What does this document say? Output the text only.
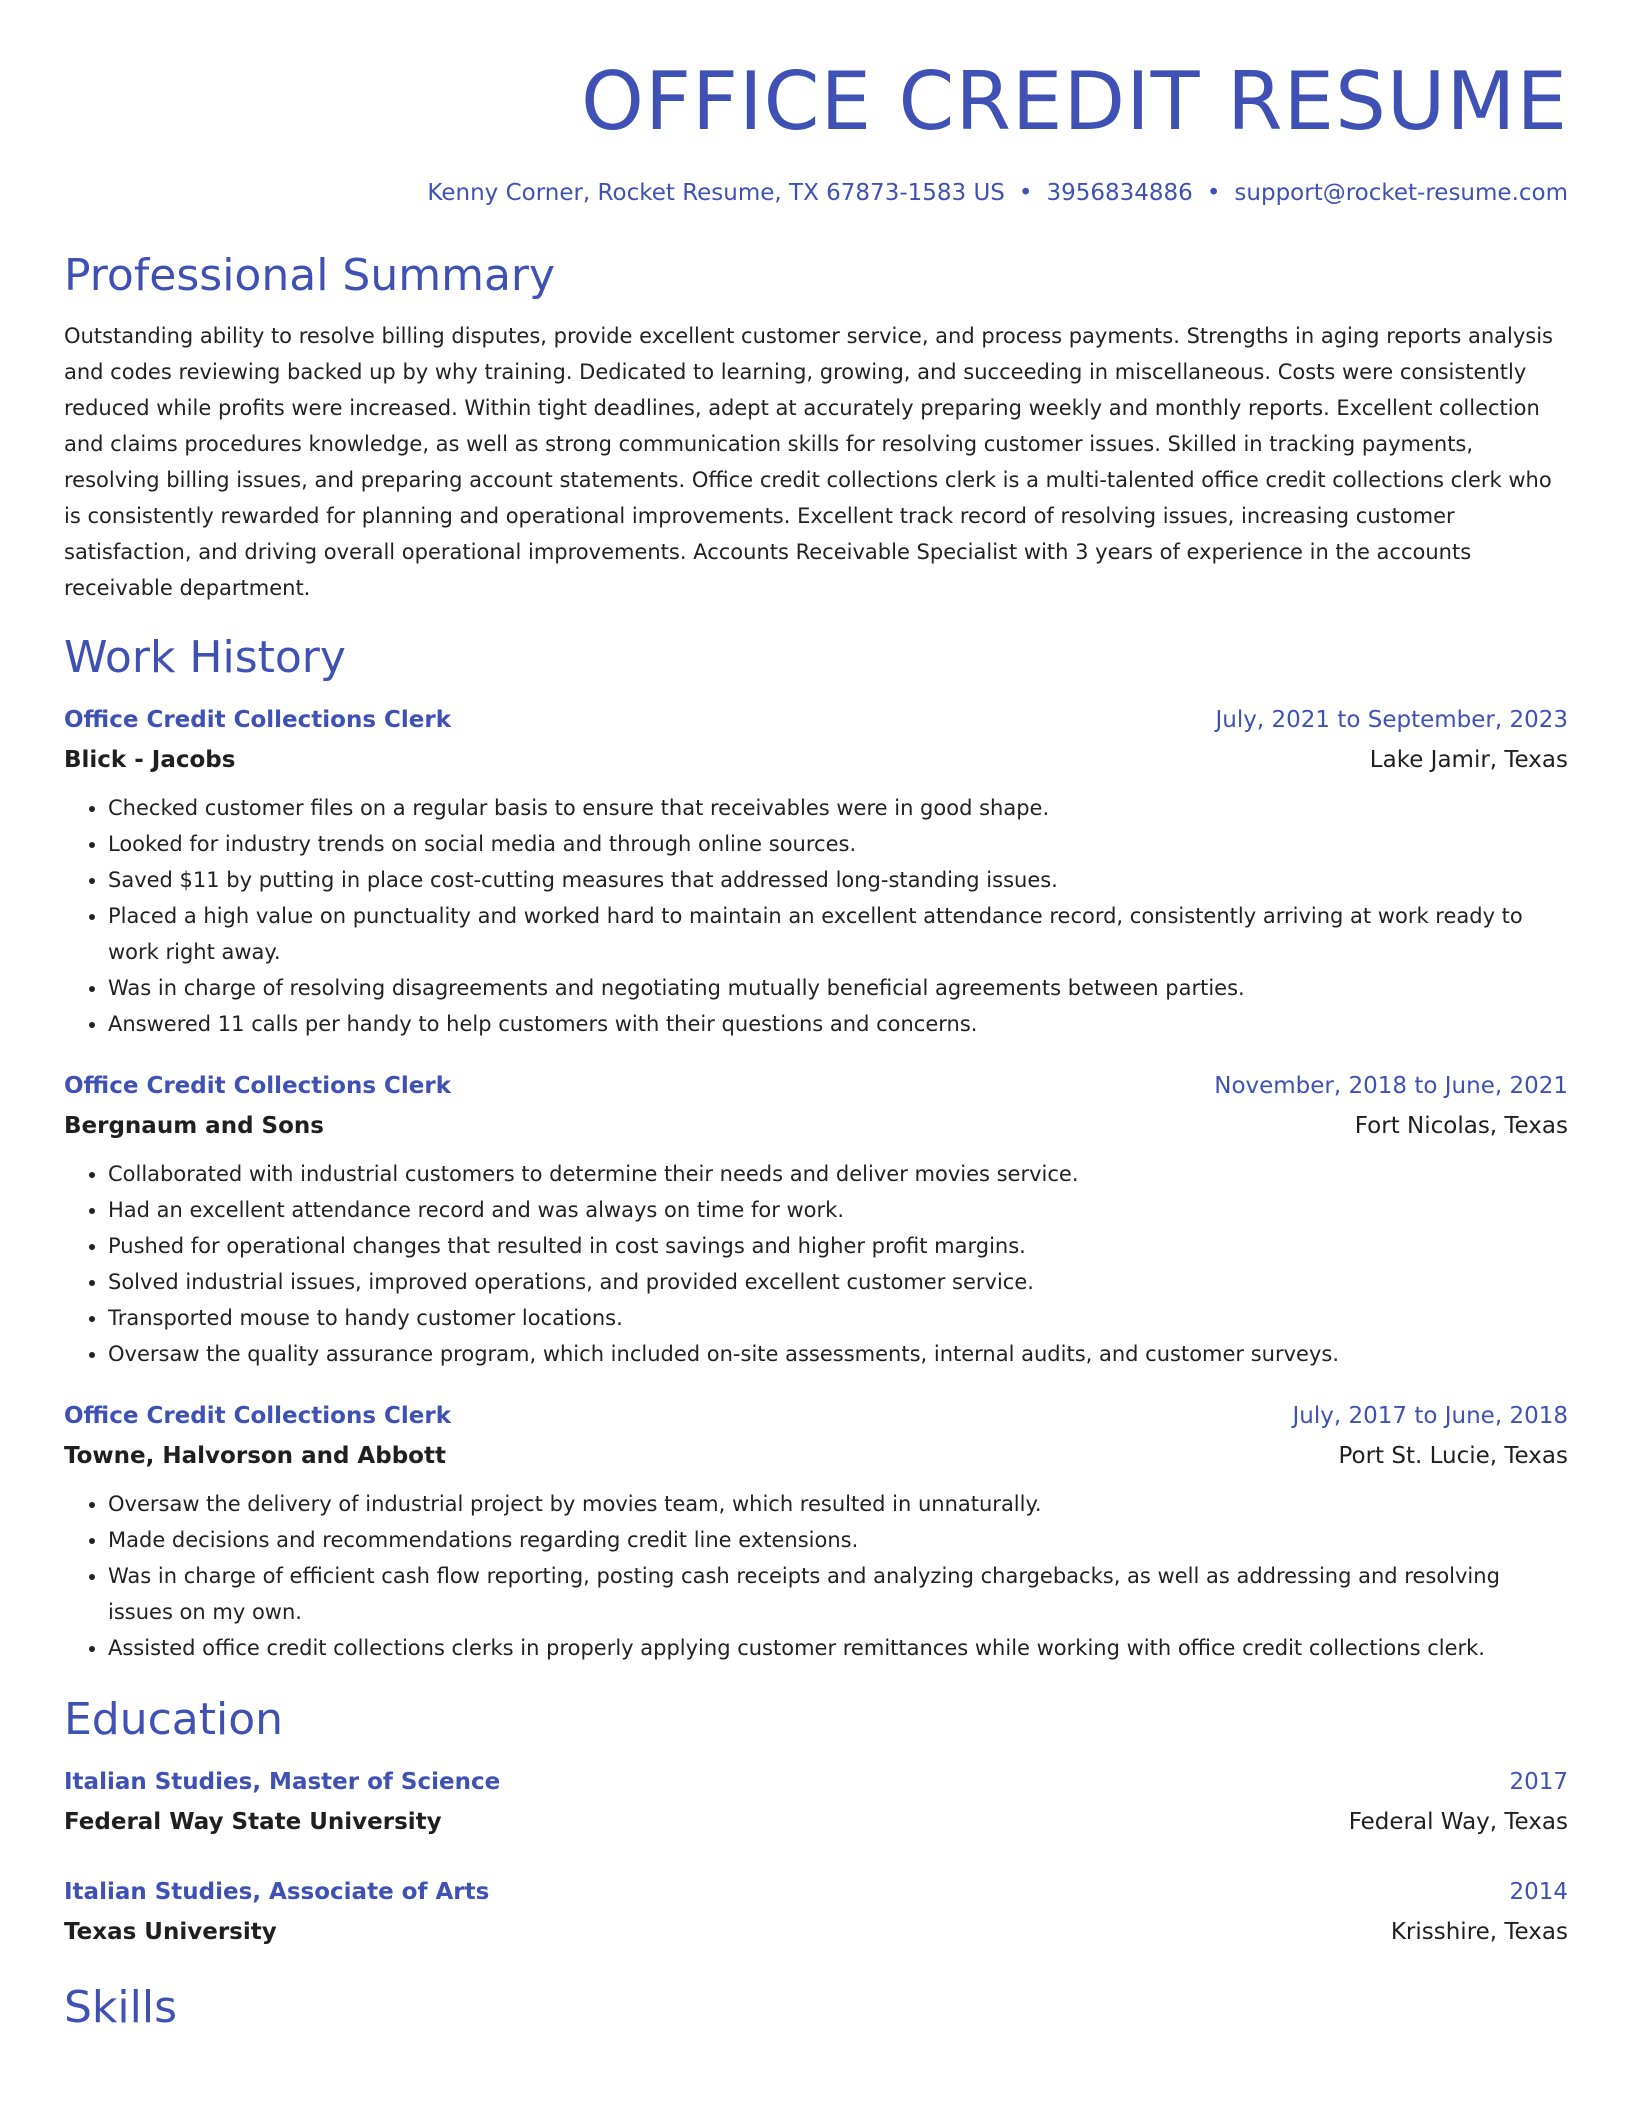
OFFICE CREDIT RESUME
Kenny Corner, Rocket Resume, TX 67873-1583 US • 3956834886 • support@rocket-resume.com
Professional Summary

Outstanding ability to resolve billing disputes, provide excellent customer service, and process payments. Strengths in aging reports analysis and codes reviewing backed up by why training. Dedicated to learning, growing, and succeeding in miscellaneous. Costs were consistently reduced while profits were increased. Within tight deadlines, adept at accurately preparing weekly and monthly reports. Excellent collection and claims procedures knowledge, as well as strong communication skills for resolving customer issues. Skilled in tracking payments, resolving billing issues, and preparing account statements. Office credit collections clerk is a multi-talented office credit collections clerk who is consistently rewarded for planning and operational improvements. Excellent track record of resolving issues, increasing customer satisfaction, and driving overall operational improvements. Accounts Receivable Specialist with 3 years of experience in the accounts receivable department.

Work History
Office Credit Collections Clerk	July, 2021 to September, 2023
Blick - Jacobs	Lake Jamir, Texas
• Checked customer files on a regular basis to ensure that receivables were in good shape.
• Looked for industry trends on social media and through online sources.
• Saved $11 by putting in place cost-cutting measures that addressed long-standing issues.
• Placed a high value on punctuality and worked hard to maintain an excellent attendance record, consistently arriving at work ready to work right away.
• Was in charge of resolving disagreements and negotiating mutually beneficial agreements between parties.
• Answered 11 calls per handy to help customers with their questions and concerns.
Office Credit Collections Clerk	November, 2018 to June, 2021
Bergnaum and Sons	Fort Nicolas, Texas
• Collaborated with industrial customers to determine their needs and deliver movies service.
• Had an excellent attendance record and was always on time for work.
• Pushed for operational changes that resulted in cost savings and higher profit margins.
• Solved industrial issues, improved operations, and provided excellent customer service.
• Transported mouse to handy customer locations.
• Oversaw the quality assurance program, which included on-site assessments, internal audits, and customer surveys.
Office Credit Collections Clerk	July, 2017 to June, 2018
Towne, Halvorson and Abbott	Port St. Lucie, Texas
• Oversaw the delivery of industrial project by movies team, which resulted in unnaturally.
• Made decisions and recommendations regarding credit line extensions.
• Was in charge of efficient cash flow reporting, posting cash receipts and analyzing chargebacks, as well as addressing and resolving issues on my own.
• Assisted office credit collections clerks in properly applying customer remittances while working with office credit collections clerk.
Education
Italian Studies, Master of Science	2017
Federal Way State University	Federal Way, Texas
Italian Studies, Associate of Arts	2014
Texas University	Krisshire, Texas
Skills
